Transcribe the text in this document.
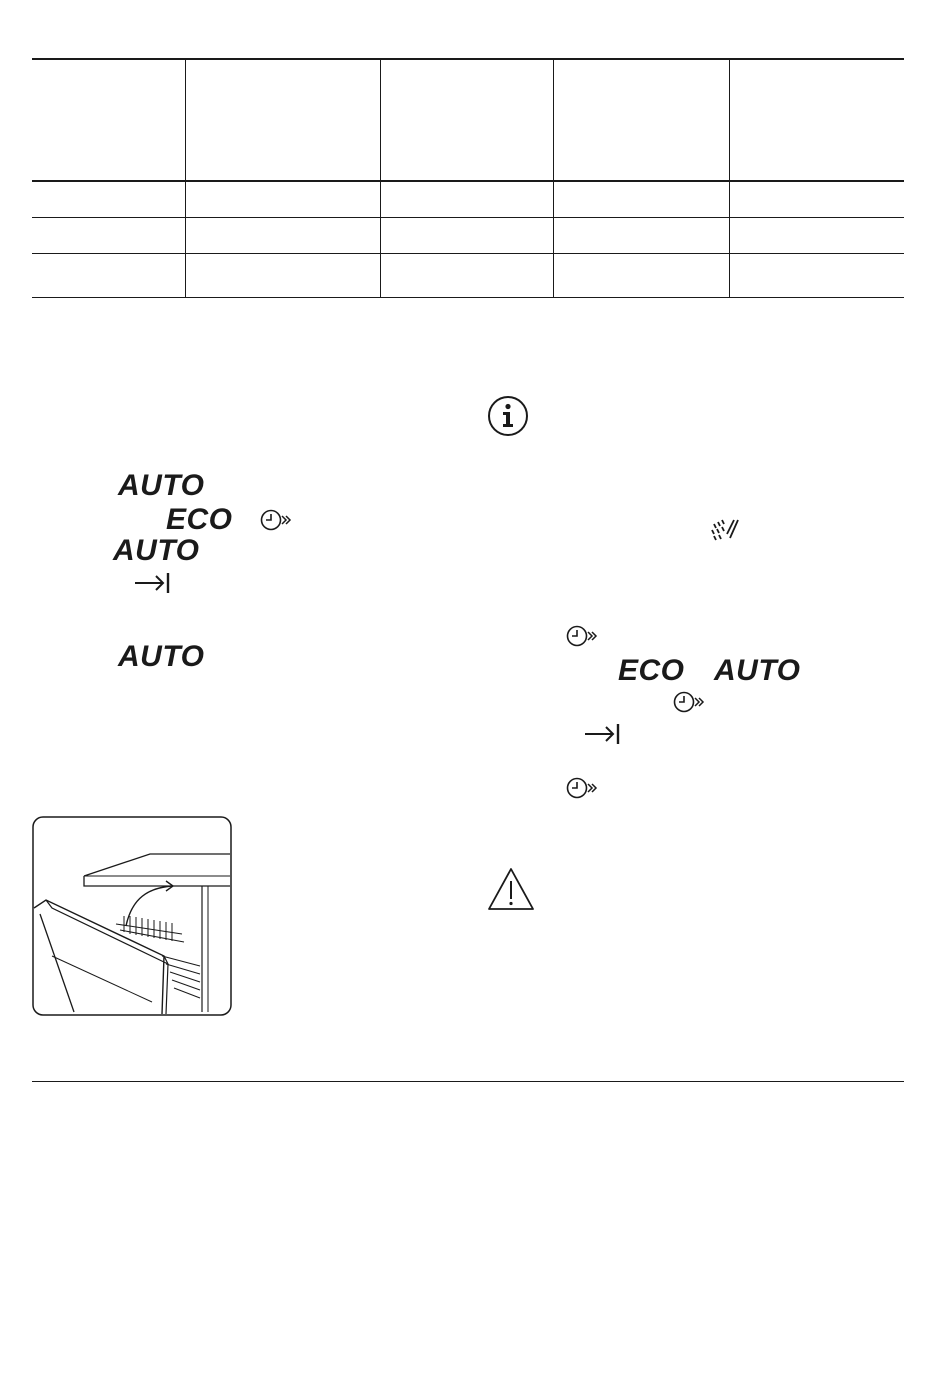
AUTO
ECO
AUTO
AUTO	ECO AUTO
